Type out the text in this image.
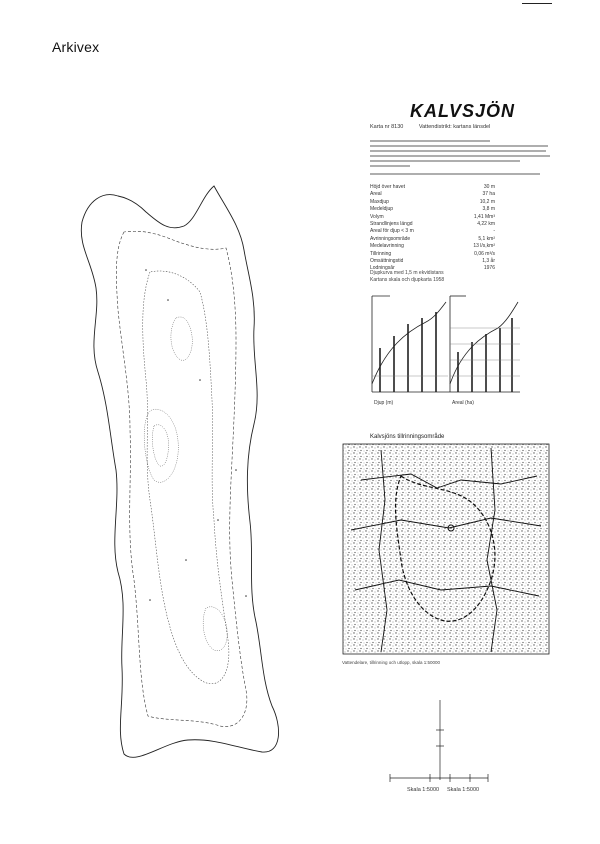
Arkivex
KALVSJÖN
Karta nr 8130	Vattendistrikt: kartans länsdel
Höjd över havet	30 m
Areal	37 ha
Maxdjup	10,2 m
Medeldjup	3,8 m
Volym	1,41 Mm³
Strandlinjens längd	4,22 km
Areal för djup < 3 m	-
Avrinningsområde	5,1 km²
Medelavrinning	13 l/s,km²
Tillrinning	0,06 m³/s
Omsättningstid	1,3 år
Lodningsår	1976
Djupkurva med 1,5 m ekvidistans
Kartans skala och djupkarta 1958
Djup (m)	Areal (ha)
Kalvsjöns tillrinningsområde
Vattendelare, tillrinning och utlopp, skala 1:50000
Skala 1:5000 Skala 1:5000
